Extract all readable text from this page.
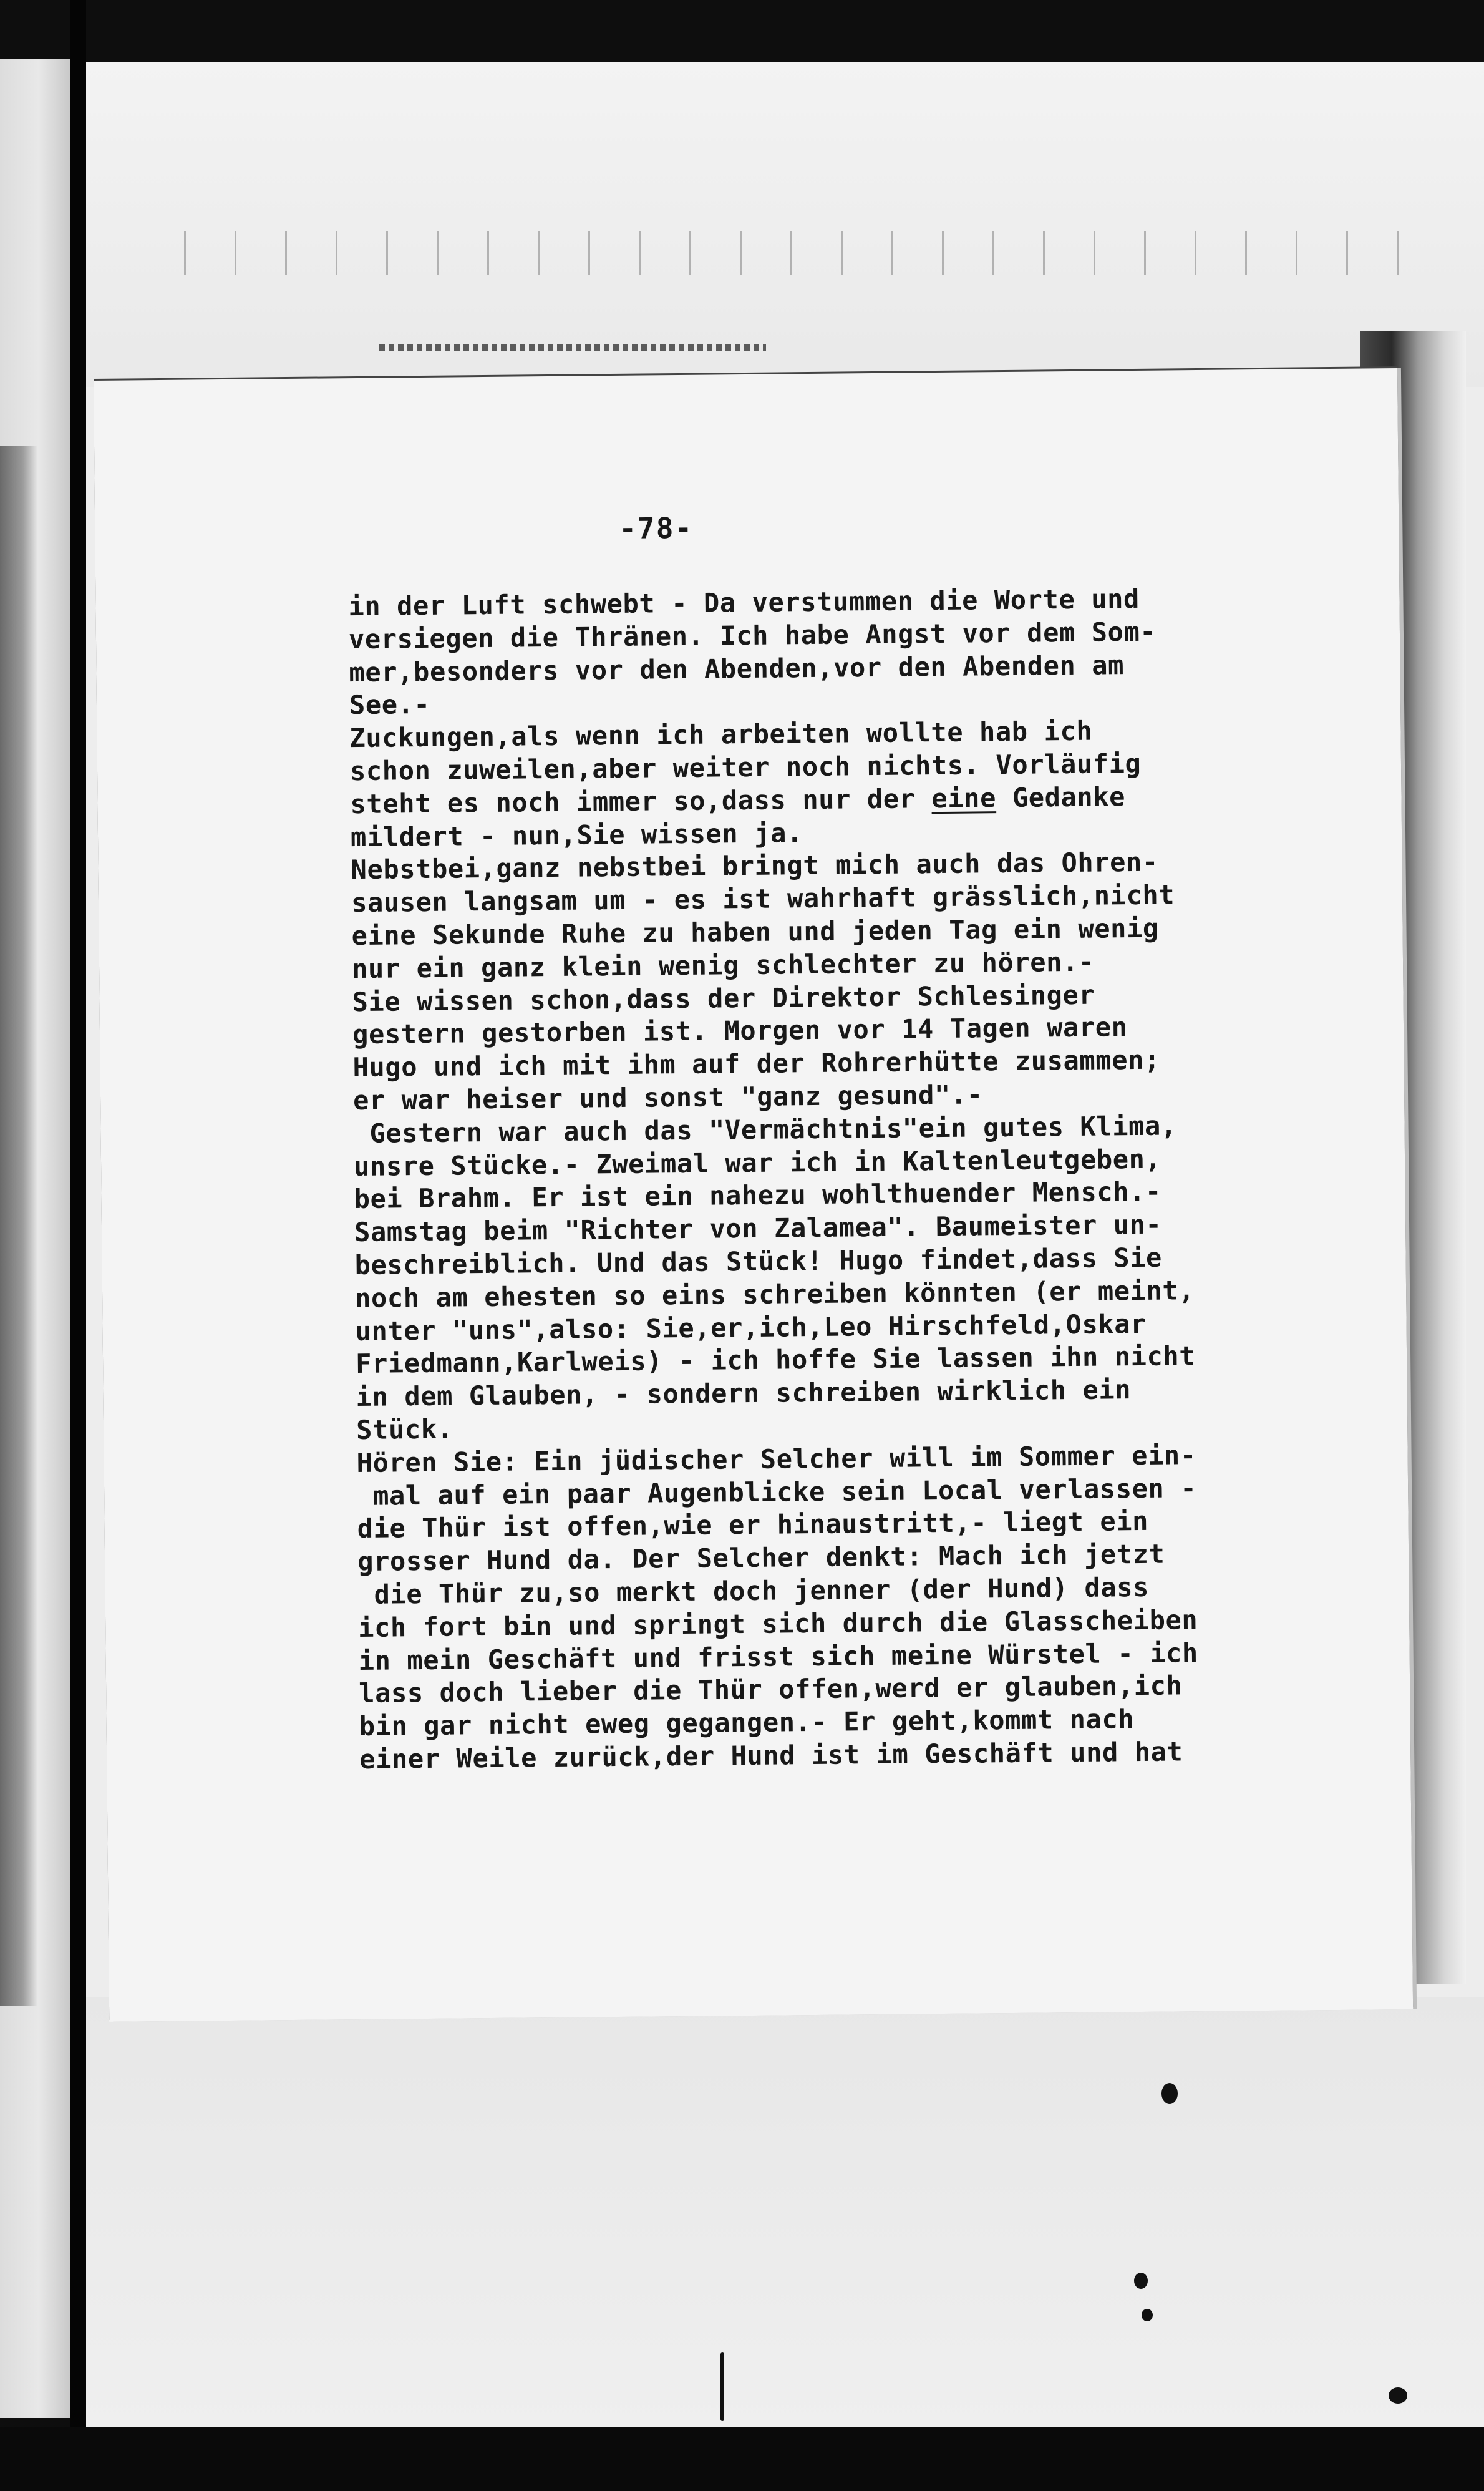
-78-
in der Luft schwebt - Da verstummen die Worte und
versiegen die Thränen. Ich habe Angst vor dem Som-
mer,besonders vor den Abenden,vor den Abenden am
See.-
Zuckungen,als wenn ich arbeiten wollte hab ich
schon zuweilen,aber weiter noch nichts. Vorläufig
steht es noch immer so,dass nur der eine Gedanke
mildert - nun,Sie wissen ja.
Nebstbei,ganz nebstbei bringt mich auch das Ohren-
sausen langsam um - es ist wahrhaft grässlich,nicht
eine Sekunde Ruhe zu haben und jeden Tag ein wenig
nur ein ganz klein wenig schlechter zu hören.-
Sie wissen schon,dass der Direktor Schlesinger
gestern gestorben ist. Morgen vor 14 Tagen waren
Hugo und ich mit ihm auf der Rohrerhütte zusammen;
er war heiser und sonst "ganz gesund".-
Gestern war auch das "Vermächtnis"ein gutes Klima,
unsre Stücke.- Zweimal war ich in Kaltenleutgeben,
bei Brahm. Er ist ein nahezu wohlthuender Mensch.-
Samstag beim "Richter von Zalamea". Baumeister un-
beschreiblich. Und das Stück! Hugo findet,dass Sie
noch am ehesten so eins schreiben könnten (er meint,
unter "uns",also: Sie,er,ich,Leo Hirschfeld,Oskar
Friedmann,Karlweis) - ich hoffe Sie lassen ihn nicht
in dem Glauben, - sondern schreiben wirklich ein
Stück.
Hören Sie: Ein jüdischer Selcher will im Sommer ein-
mal auf ein paar Augenblicke sein Local verlassen -
die Thür ist offen,wie er hinaustritt,- liegt ein
grosser Hund da. Der Selcher denkt: Mach ich jetzt
die Thür zu,so merkt doch jenner (der Hund) dass
ich fort bin und springt sich durch die Glasscheiben
in mein Geschäft und frisst sich meine Würstel - ich
lass doch lieber die Thür offen,werd er glauben,ich
bin gar nicht eweg gegangen.- Er geht,kommt nach
einer Weile zurück,der Hund ist im Geschäft und hat
